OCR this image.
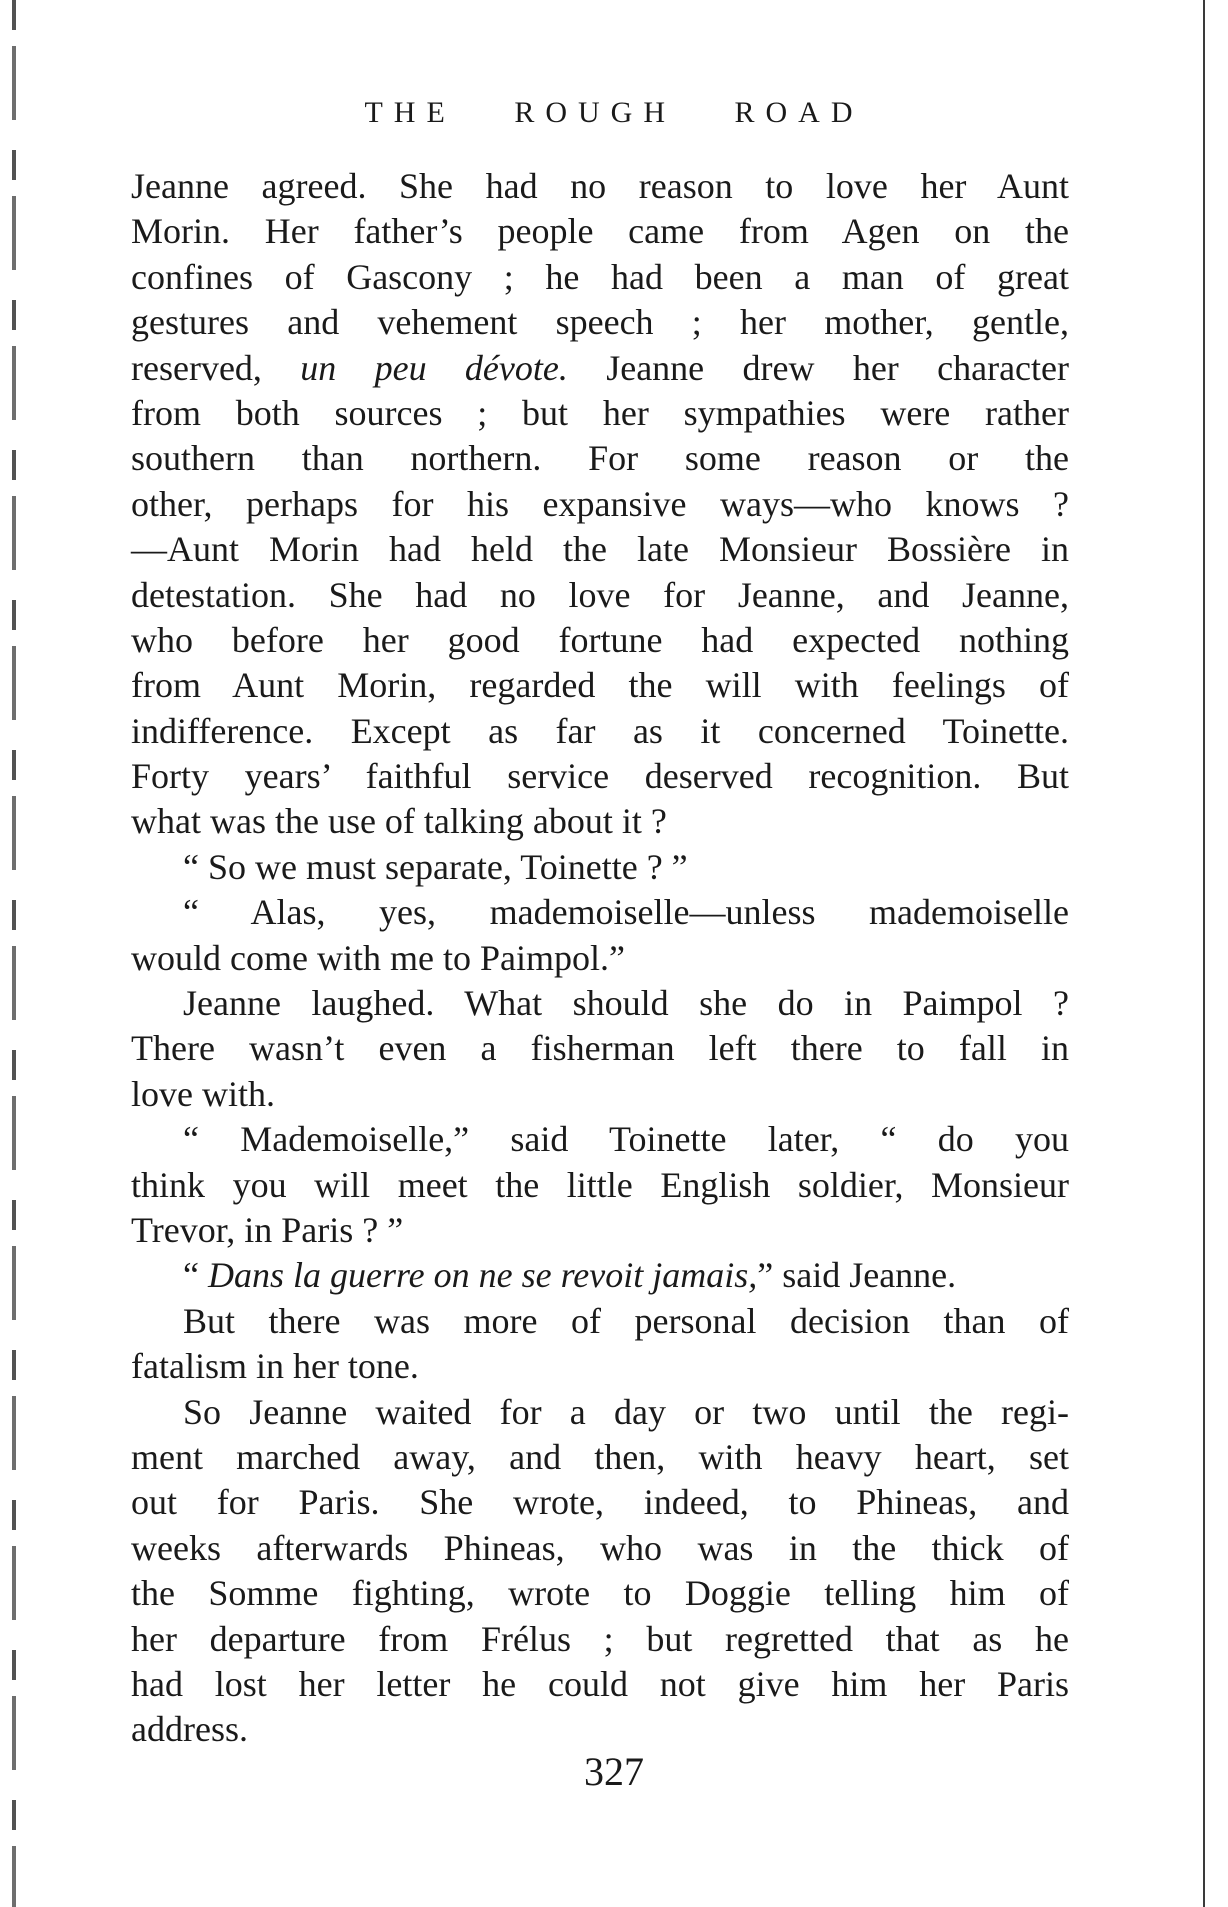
THE ROUGH ROAD
Jeanne agreed. She had no reason to love her Aunt
Morin. Her father’s people came from Agen on the
confines of Gascony ; he had been a man of great
gestures and vehement speech ; her mother, gentle,
reserved, un peu dévote. Jeanne drew her character
from both sources ; but her sympathies were rather
southern than northern. For some reason or the
other, perhaps for his expansive ways—who knows ?
—Aunt Morin had held the late Monsieur Bossière in
detestation. She had no love for Jeanne, and Jeanne,
who before her good fortune had expected nothing
from Aunt Morin, regarded the will with feelings of
indifference. Except as far as it concerned Toinette.
Forty years’ faithful service deserved recognition. But
what was the use of talking about it ?
“ So we must separate, Toinette ? ”
“ Alas, yes, mademoiselle—unless mademoiselle
would come with me to Paimpol.”
Jeanne laughed. What should she do in Paimpol ?
There wasn’t even a fisherman left there to fall in
love with.
“ Mademoiselle,” said Toinette later, “ do you
think you will meet the little English soldier, Monsieur
Trevor, in Paris ? ”
“ Dans la guerre on ne se revoit jamais,” said Jeanne.
But there was more of personal decision than of
fatalism in her tone.
So Jeanne waited for a day or two until the regi-
ment marched away, and then, with heavy heart, set
out for Paris. She wrote, indeed, to Phineas, and
weeks afterwards Phineas, who was in the thick of
the Somme fighting, wrote to Doggie telling him of
her departure from Frélus ; but regretted that as he
had lost her letter he could not give him her Paris
address.
327
